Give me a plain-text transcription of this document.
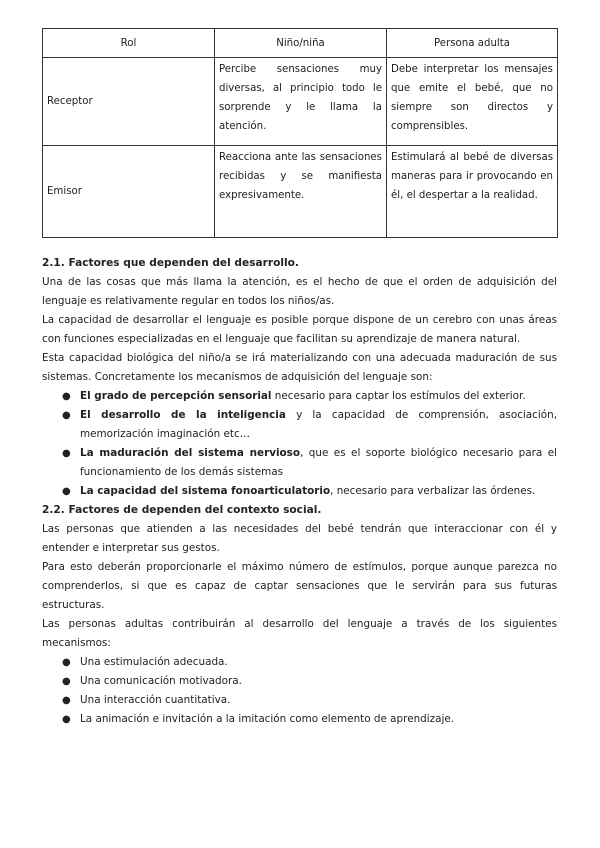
Rol	Niño/niña	Persona adulta
Receptor	Percibe sensaciones muy diversas, al principio todo le sorprende y le llama la atención.	Debe interpretar los mensajes que emite el bebé, que no siempre son directos y comprensibles.
Emisor	Reacciona ante las sensaciones recibidas y se manifiesta expresivamente.	Estimulará al bebé de diversas maneras para ir provocando en él, el despertar a la realidad.
2.1. Factores que dependen del desarrollo.

Una de las cosas que más llama la atención, es el hecho de que el orden de adquisición del lenguaje es relativamente regular en todos los niños/as.

La capacidad de desarrollar el lenguaje es posible porque dispone de un cerebro con unas áreas con funciones especializadas en el lenguaje que facilitan su aprendizaje de manera natural.

Esta capacidad biológica del niño/a se irá materializando con una adecuada maduración de sus sistemas. Concretamente los mecanismos de adquisición del lenguaje son:

● El grado de percepción sensorial necesario para captar los estímulos del exterior.
● El desarrollo de la inteligencia y la capacidad de comprensión, asociación, memorización imaginación etc…
● La maduración del sistema nervioso, que es el soporte biológico necesario para el funcionamiento de los demás sistemas
● La capacidad del sistema fonoarticulatorio, necesario para verbalizar las órdenes.
2.2. Factores de dependen del contexto social.

Las personas que atienden a las necesidades del bebé tendrán que interaccionar con él y entender e interpretar sus gestos.

Para esto deberán proporcionarle el máximo número de estímulos, porque aunque parezca no comprenderlos, si que es capaz de captar sensaciones que le servirán para sus futuras estructuras.

Las personas adultas contribuirán al desarrollo del lenguaje a través de los siguientes mecanismos:

● Una estimulación adecuada.
● Una comunicación motivadora.
● Una interacción cuantitativa.
● La animación e invitación a la imitación como elemento de aprendizaje.
